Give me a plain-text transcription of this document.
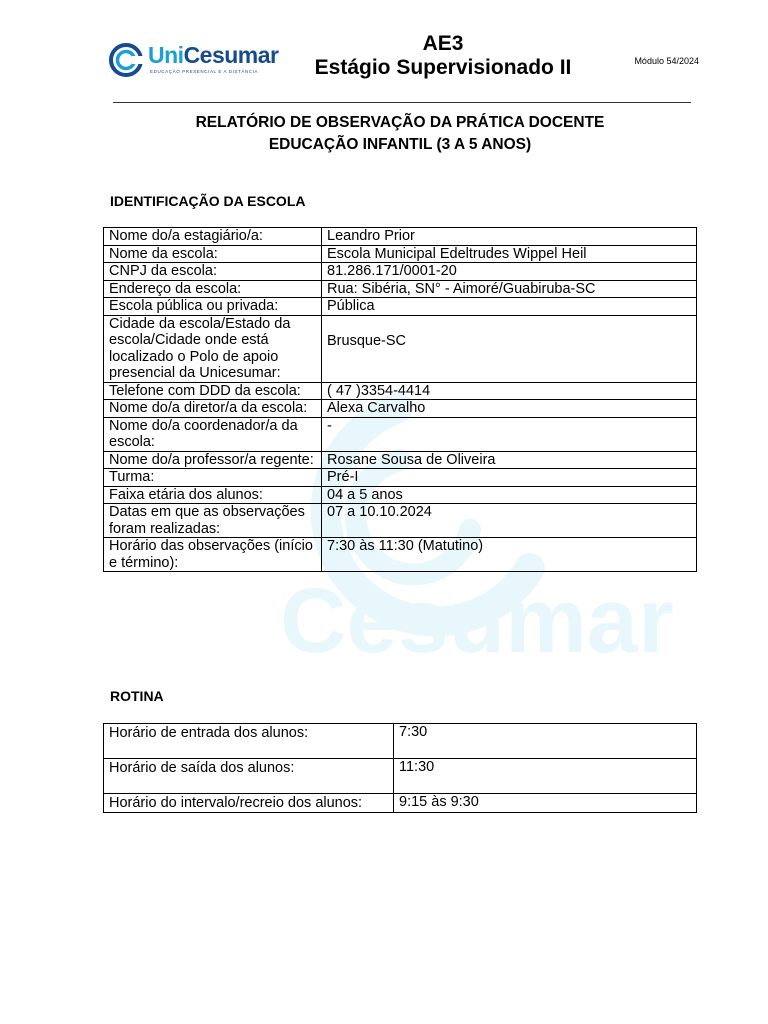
Cesumar
UniCesumar
EDUCAÇÃO PRESENCIAL E A DISTÂNCIA
AE3
Estágio Supervisionado II	Módulo 54/2024
RELATÓRIO DE OBSERVAÇÃO DA PRÁTICA DOCENTE
EDUCAÇÃO INFANTIL (3 A 5 ANOS)
IDENTIFICAÇÃO DA ESCOLA
Nome do/a estagiário/a:	Leandro Prior
Nome da escola:	Escola Municipal Edeltrudes Wippel Heil
CNPJ da escola:	81.286.171/0001-20
Endereço da escola:	Rua: Sibéria, SN° - Aimoré/Guabiruba-SC
Escola pública ou privada:	Pública
Cidade da escola/Estado da escola/Cidade onde está localizado o Polo de apoio presencial da Unicesumar:	Brusque-SC
Telefone com DDD da escola:	( 47 )3354-4414
Nome do/a diretor/a da escola:	Alexa Carvalho
Nome do/a coordenador/a da escola:	-
Nome do/a professor/a regente:	Rosane Sousa de Oliveira
Turma:	Pré-I
Faixa etária dos alunos:	04 a 5 anos
Datas em que as observações foram realizadas:	07 a 10.10.2024
Horário das observações (início e término):	7:30 às 11:30 (Matutino)
ROTINA
Horário de entrada dos alunos:	7:30
Horário de saída dos alunos:	11:30
Horário do intervalo/recreio dos alunos:	9:15 às 9:30
